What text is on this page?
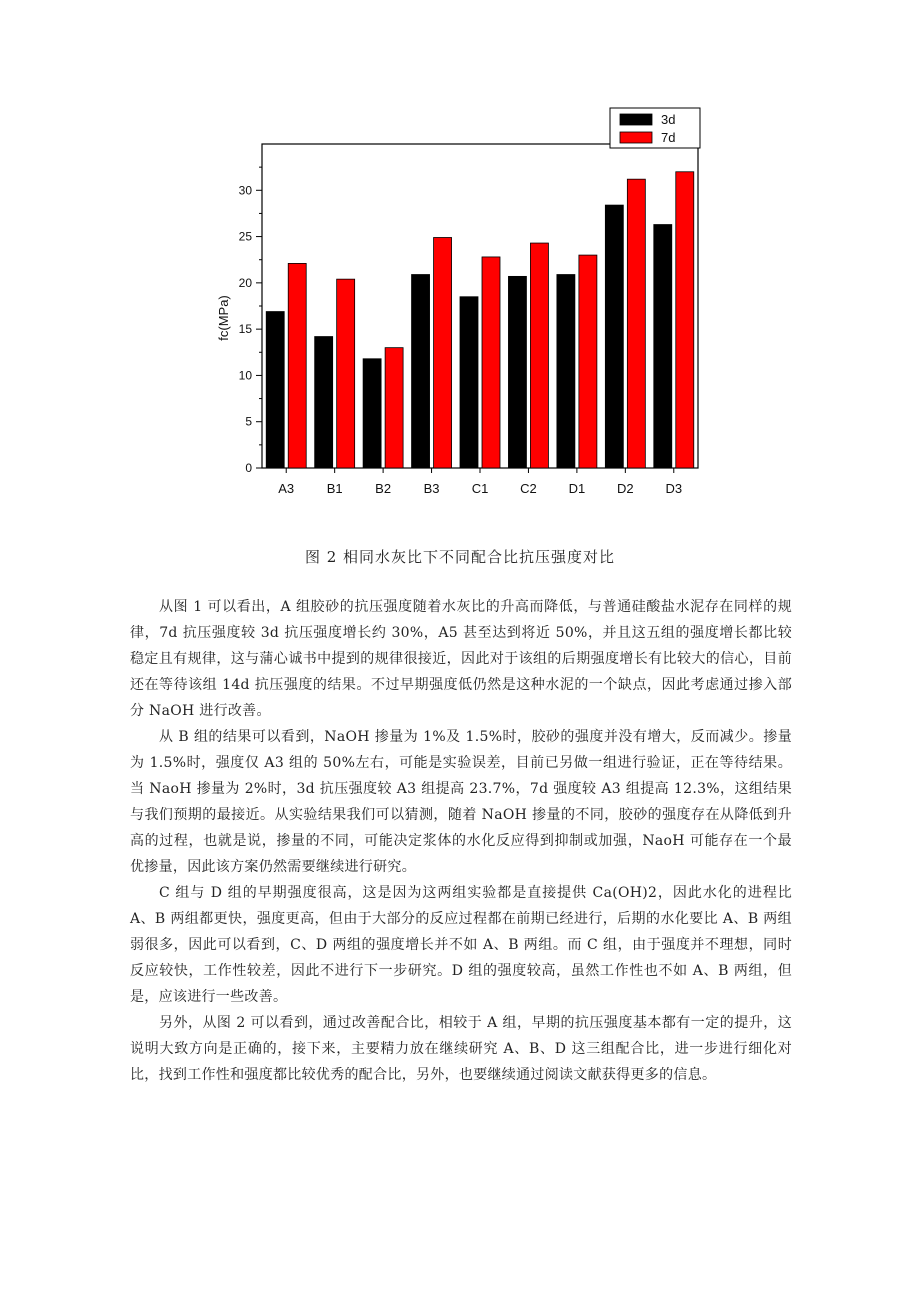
0
5
10
15
20
25
30
A3	B1	B2	B3 C1 C2 D1 D2 D3
fc(MPa)
3d
7d
图 2 相同水灰比下不同配合比抗压强度对比

从图 1 可以看出，A 组胶砂的抗压强度随着水灰比的升高而降低，与普通硅酸盐水泥存在同样的规律，7d 抗压强度较 3d 抗压强度增长约 30%，A5 甚至达到将近 50%，并且这五组的强度增长都比较稳定且有规律，这与蒲心诚书中提到的规律很接近，因此对于该组的后期强度增长有比较大的信心，目前还在等待该组 14d 抗压强度的结果。不过早期强度低仍然是这种水泥的一个缺点，因此考虑通过掺入部分 NaOH 进行改善。

从 B 组的结果可以看到，NaOH 掺量为 1%及 1.5%时，胶砂的强度并没有增大，反而减少。掺量为 1.5%时，强度仅 A3 组的 50%左右，可能是实验误差，目前已另做一组进行验证，正在等待结果。当 NaoH 掺量为 2%时，3d 抗压强度较 A3 组提高 23.7%，7d 强度较 A3 组提高 12.3%，这组结果与我们预期的最接近。从实验结果我们可以猜测，随着 NaOH 掺量的不同，胶砂的强度存在从降低到升高的过程，也就是说，掺量的不同，可能决定浆体的水化反应得到抑制或加强，NaoH 可能存在一个最优掺量，因此该方案仍然需要继续进行研究。

C 组与 D 组的早期强度很高，这是因为这两组实验都是直接提供 Ca(OH)2，因此水化的进程比 A、B 两组都更快，强度更高，但由于大部分的反应过程都在前期已经进行，后期的水化要比 A、B 两组弱很多，因此可以看到，C、D 两组的强度增长并不如 A、B 两组。而 C 组，由于强度并不理想，同时反应较快，工作性较差，因此不进行下一步研究。D 组的强度较高，虽然工作性也不如 A、B 两组，但是，应该进行一些改善。

另外，从图 2 可以看到，通过改善配合比，相较于 A 组，早期的抗压强度基本都有一定的提升，这说明大致方向是正确的，接下来，主要精力放在继续研究 A、B、D 这三组配合比，进一步进行细化对比，找到工作性和强度都比较优秀的配合比，另外，也要继续通过阅读文献获得更多的信息。
